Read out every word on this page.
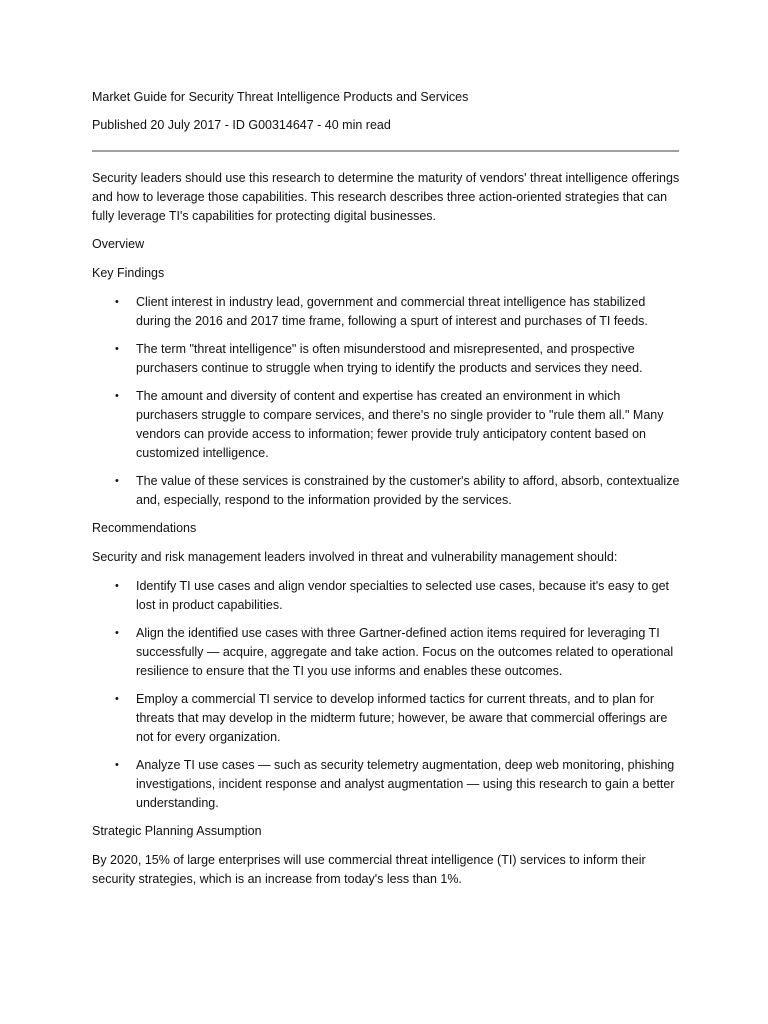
Market Guide for Security Threat Intelligence Products and Services

Published 20 July 2017 - ID G00314647 - 40 min read

Security leaders should use this research to determine the maturity of vendors' threat intelligence offerings and how to leverage those capabilities. This research describes three action-oriented strategies that can fully leverage TI's capabilities for protecting digital businesses.

Overview

Key Findings

• Client interest in industry lead, government and commercial threat intelligence has stabilized during the 2016 and 2017 time frame, following a spurt of interest and purchases of TI feeds.
• The term "threat intelligence" is often misunderstood and misrepresented, and prospective purchasers continue to struggle when trying to identify the products and services they need.
• The amount and diversity of content and expertise has created an environment in which purchasers struggle to compare services, and there's no single provider to "rule them all." Many vendors can provide access to information; fewer provide truly anticipatory content based on customized intelligence.
• The value of these services is constrained by the customer's ability to afford, absorb, contextualize and, especially, respond to the information provided by the services.

Recommendations

Security and risk management leaders involved in threat and vulnerability management should:

• Identify TI use cases and align vendor specialties to selected use cases, because it's easy to get lost in product capabilities.
• Align the identified use cases with three Gartner-defined action items required for leveraging TI successfully — acquire, aggregate and take action. Focus on the outcomes related to operational resilience to ensure that the TI you use informs and enables these outcomes.
• Employ a commercial TI service to develop informed tactics for current threats, and to plan for threats that may develop in the midterm future; however, be aware that commercial offerings are not for every organization.
• Analyze TI use cases — such as security telemetry augmentation, deep web monitoring, phishing investigations, incident response and analyst augmentation — using this research to gain a better understanding.

Strategic Planning Assumption

By 2020, 15% of large enterprises will use commercial threat intelligence (TI) services to inform their security strategies, which is an increase from today's less than 1%.
